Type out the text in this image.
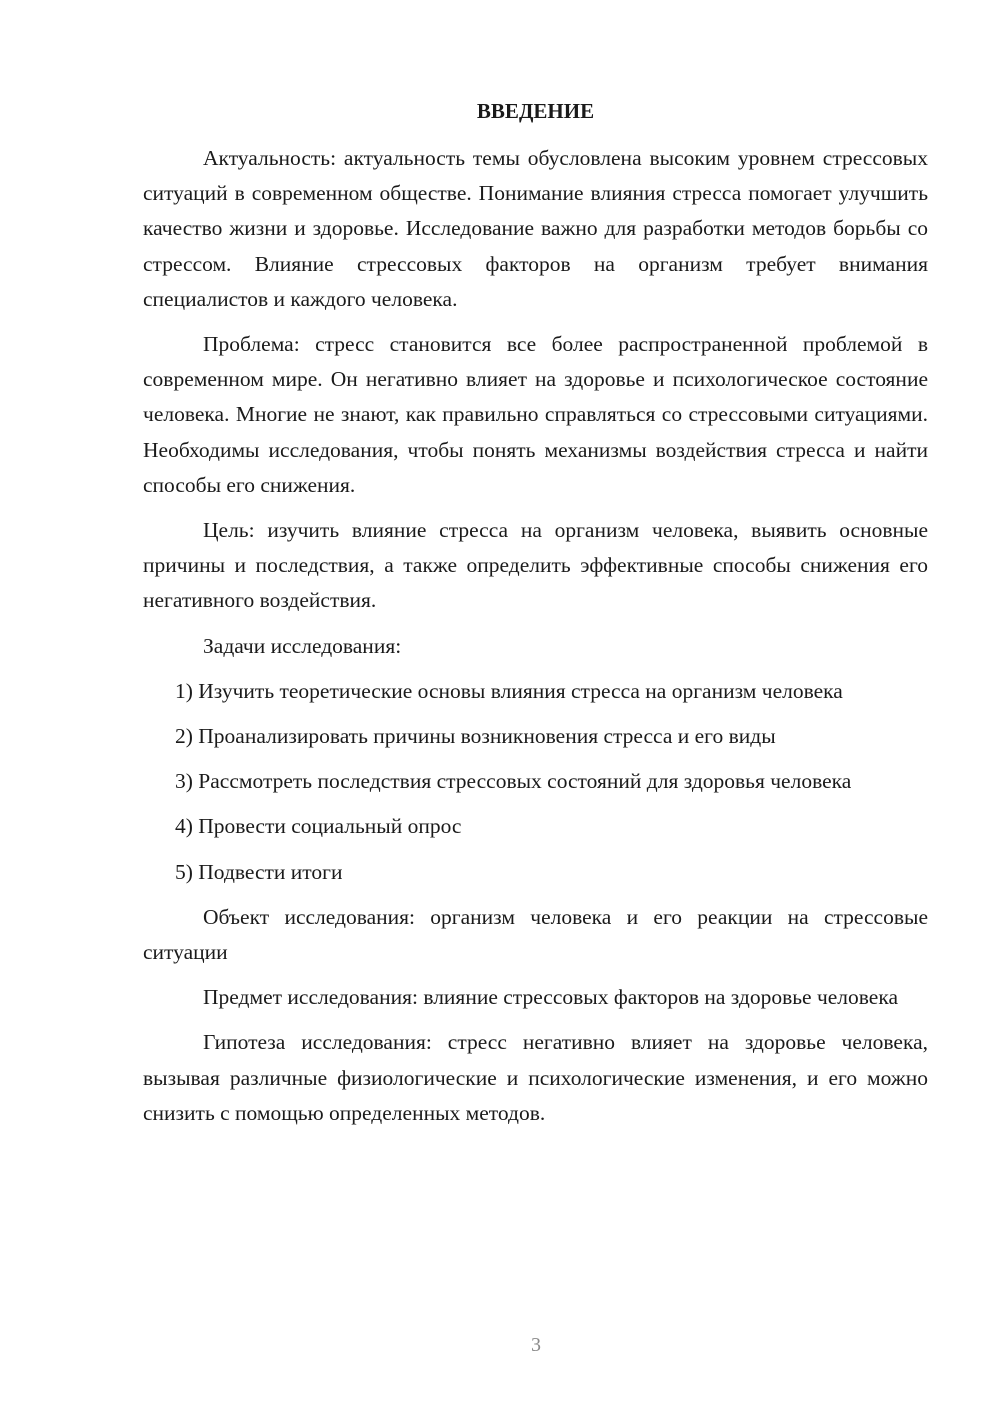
ВВЕДЕНИЕ

Актуальность: актуальность темы обусловлена высоким уровнем стрессовых ситуаций в современном обществе. Понимание влияния стресса помогает улучшить качество жизни и здоровье. Исследование важно для разработки методов борьбы со стрессом. Влияние стрессовых факторов на организм требует внимания специалистов и каждого человека.

Проблема: стресс становится все более распространенной проблемой в современном мире. Он негативно влияет на здоровье и психологическое состояние человека. Многие не знают, как правильно справляться со стрессовыми ситуациями. Необходимы исследования, чтобы понять механизмы воздействия стресса и найти способы его снижения.

Цель: изучить влияние стресса на организм человека, выявить основные причины и последствия, а также определить эффективные способы снижения его негативного воздействия.

Задачи исследования:

1) Изучить теоретические основы влияния стресса на организм человека

2) Проанализировать причины возникновения стресса и его виды

3) Рассмотреть последствия стрессовых состояний для здоровья человека

4) Провести социальный опрос

5) Подвести итоги

Объект исследования: организм человека и его реакции на стрессовые ситуации

Предмет исследования: влияние стрессовых факторов на здоровье человека

Гипотеза исследования: стресс негативно влияет на здоровье человека, вызывая различные физиологические и психологические изменения, и его можно снизить с помощью определенных методов.

3
